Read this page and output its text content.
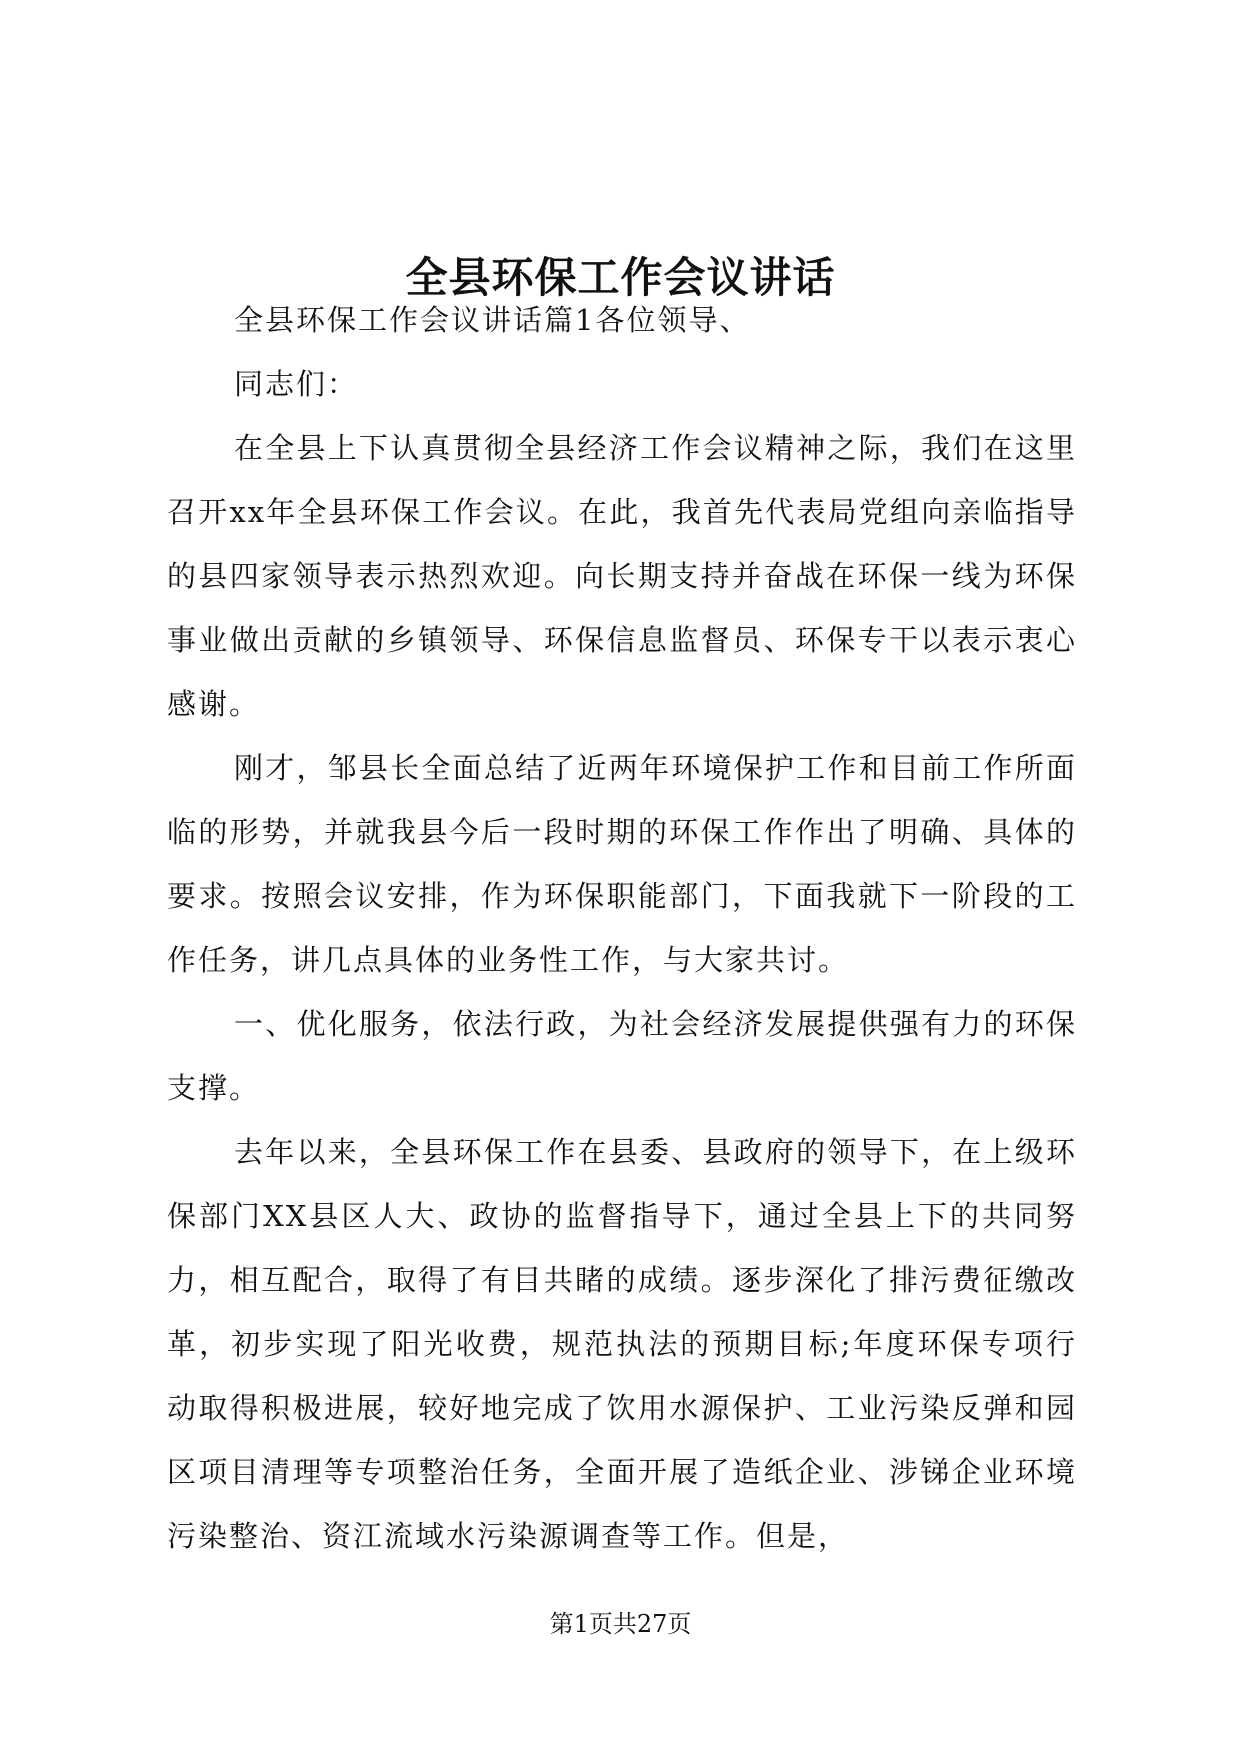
全县环保工作会议讲话

全县环保工作会议讲话篇1各位领导、

同志们：

在全县上下认真贯彻全县经济工作会议精神之际，我们在这里召开xx年全县环保工作会议。在此，我首先代表局党组向亲临指导的县四家领导表示热烈欢迎。向长期支持并奋战在环保一线为环保事业做出贡献的乡镇领导、环保信息监督员、环保专干以表示衷心感谢。

刚才，邹县长全面总结了近两年环境保护工作和目前工作所面临的形势，并就我县今后一段时期的环保工作作出了明确、具体的要求。按照会议安排，作为环保职能部门，下面我就下一阶段的工作任务，讲几点具体的业务性工作，与大家共讨。

一、优化服务，依法行政，为社会经济发展提供强有力的环保支撑。

去年以来，全县环保工作在县委、县政府的领导下，在上级环保部门XX县区人大、政协的监督指导下，通过全县上下的共同努力，相互配合，取得了有目共睹的成绩。逐步深化了排污费征缴改革，初步实现了阳光收费，规范执法的预期目标;年度环保专项行动取得积极进展，较好地完成了饮用水源保护、工业污染反弹和园区项目清理等专项整治任务，全面开展了造纸企业、涉锑企业环境污染整治、资江流域水污染源调查等工作。但是，

第1页共27页
